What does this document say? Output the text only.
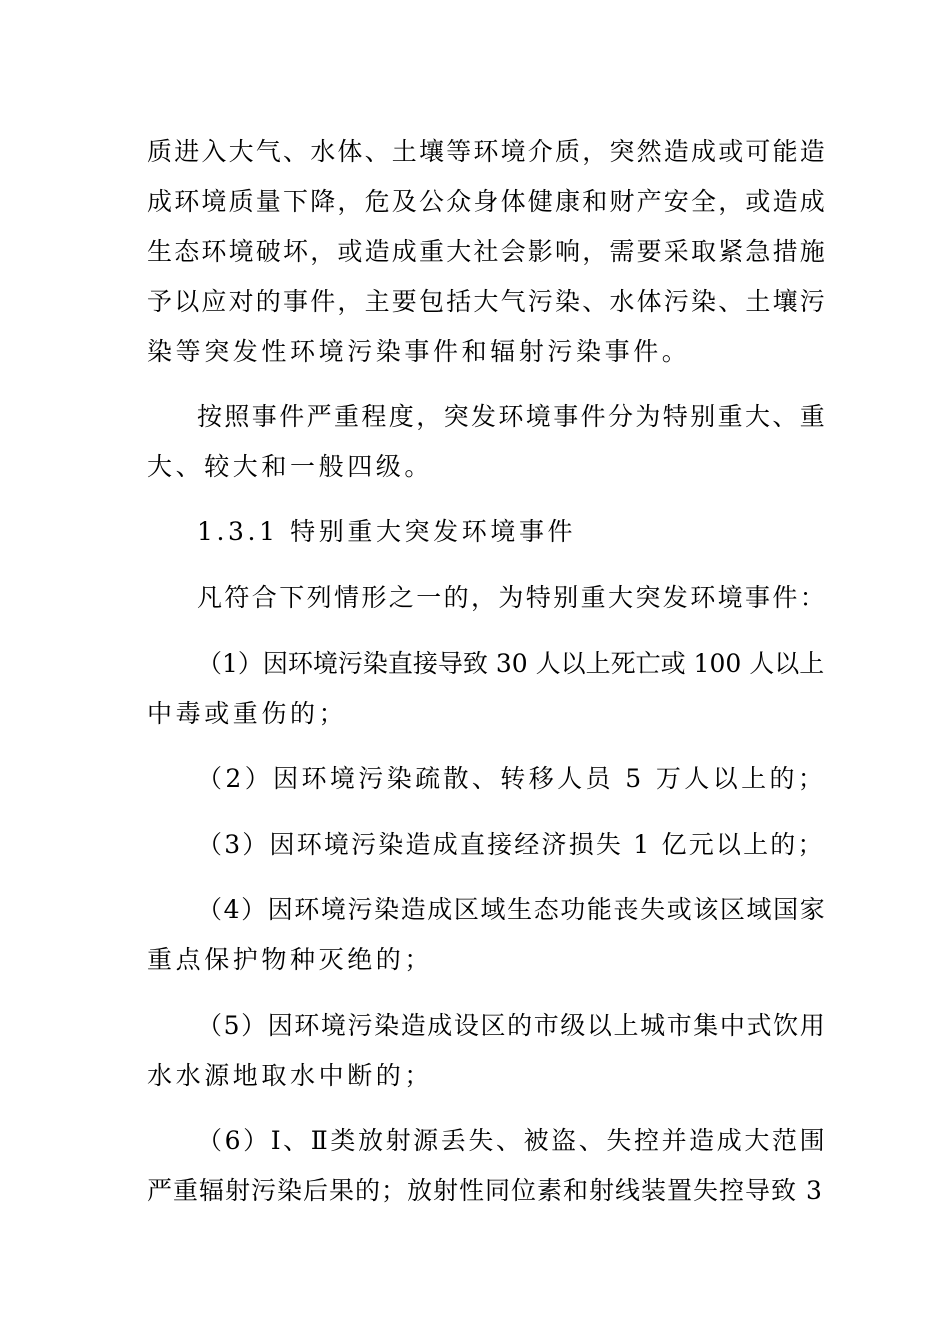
质进入大气、水体、土壤等环境介质，突然造成或可能造
成环境质量下降，危及公众身体健康和财产安全，或造成
生态环境破坏，或造成重大社会影响，需要采取紧急措施
予以应对的事件，主要包括大气污染、水体污染、土壤污
染等突发性环境污染事件和辐射污染事件。
按照事件严重程度，突发环境事件分为特别重大、重
大、较大和一般四级。
1.3.1 特别重大突发环境事件
凡符合下列情形之一的，为特别重大突发环境事件：
（1）因环境污染直接导致 30 人以上死亡或 100 人以上
中毒或重伤的；
（2）因环境污染疏散、转移人员 5 万人以上的；
（3）因环境污染造成直接经济损失 1 亿元以上的；
（4）因环境污染造成区域生态功能丧失或该区域国家
重点保护物种灭绝的；
（5）因环境污染造成设区的市级以上城市集中式饮用
水水源地取水中断的；
（6）Ⅰ、Ⅱ类放射源丢失、被盗、失控并造成大范围
严重辐射污染后果的；放射性同位素和射线装置失控导致 3
